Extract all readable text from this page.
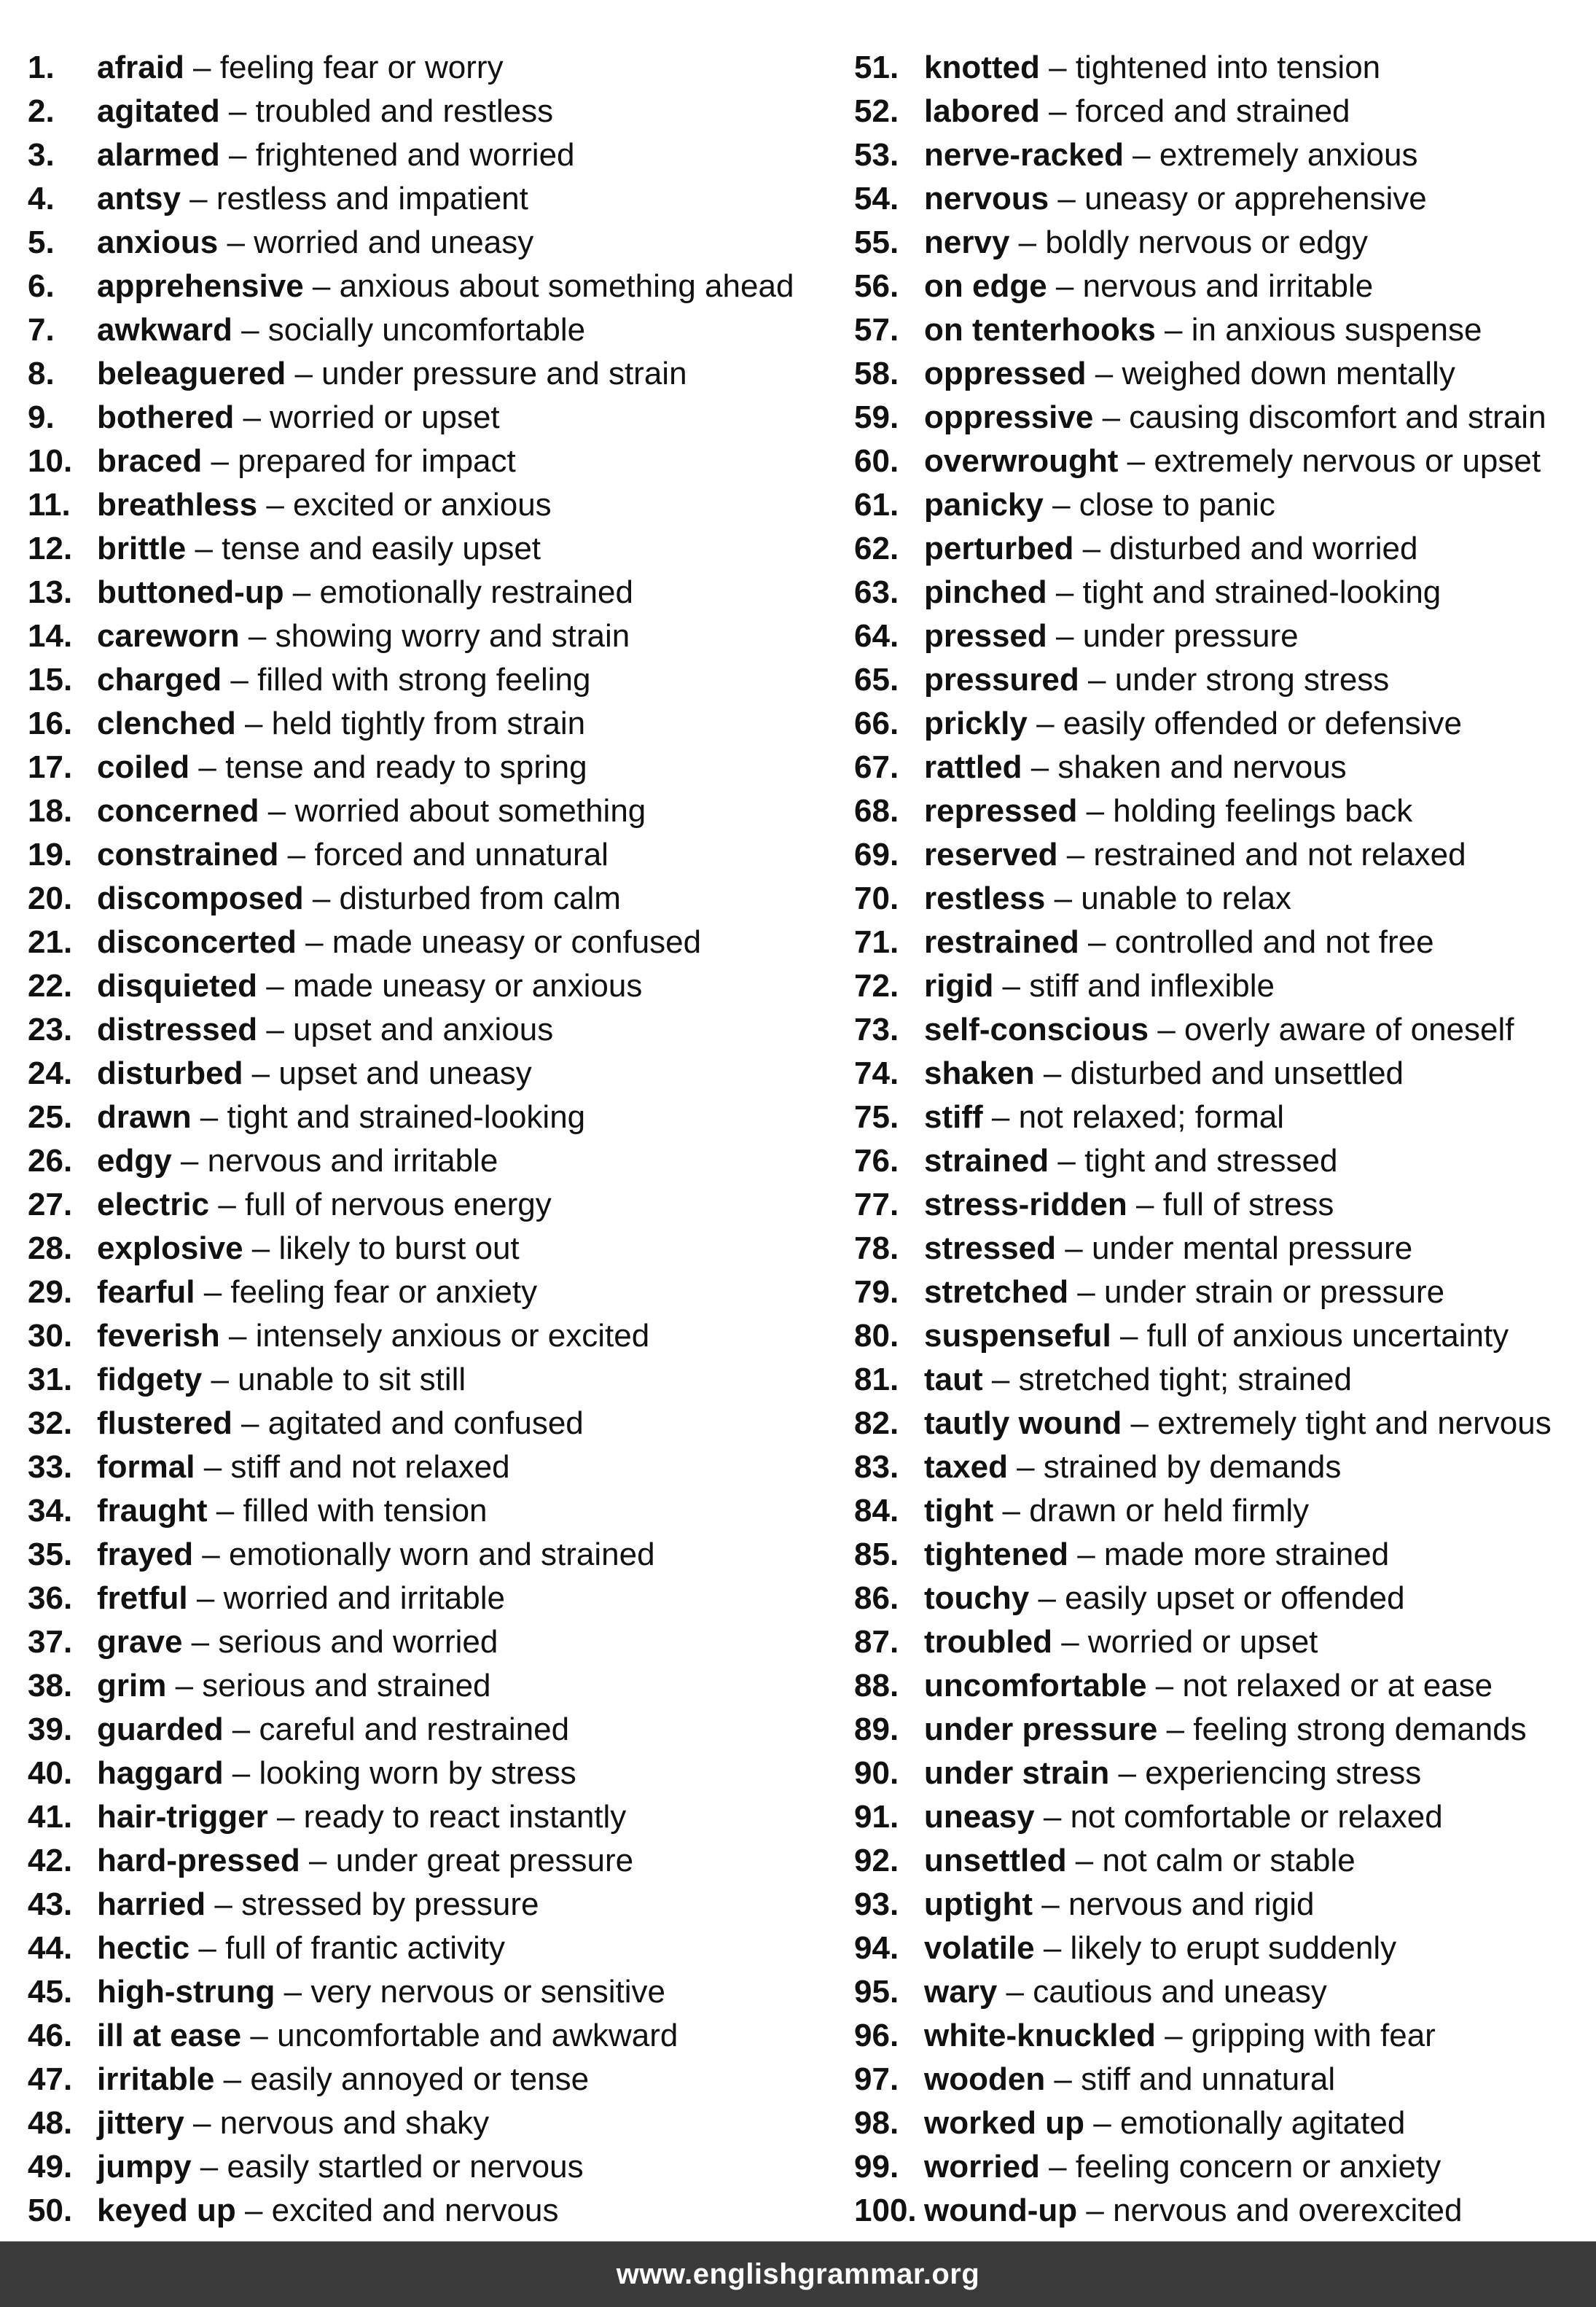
1.	afraid – feeling fear or worry
2.	agitated – troubled and restless
3.	alarmed – frightened and worried
4.	antsy – restless and impatient
5.	anxious – worried and uneasy
6.	apprehensive – anxious about something ahead
7.	awkward – socially uncomfortable
8.	beleaguered – under pressure and strain
9.	bothered – worried or upset
10. braced – prepared for impact
11. breathless – excited or anxious
12. brittle – tense and easily upset
13. buttoned-up – emotionally restrained
14. careworn – showing worry and strain
15. charged – filled with strong feeling
16. clenched – held tightly from strain
17. coiled – tense and ready to spring
18. concerned – worried about something
19. constrained – forced and unnatural
20. discomposed – disturbed from calm
21. disconcerted – made uneasy or confused
22. disquieted – made uneasy or anxious
23. distressed – upset and anxious
24. disturbed – upset and uneasy
25. drawn – tight and strained-looking
26. edgy – nervous and irritable
27. electric – full of nervous energy
28. explosive – likely to burst out
29. fearful – feeling fear or anxiety
30. feverish – intensely anxious or excited
31. fidgety – unable to sit still
32. flustered – agitated and confused
33. formal – stiff and not relaxed
34. fraught – filled with tension
35. frayed – emotionally worn and strained
36. fretful – worried and irritable
37. grave – serious and worried
38. grim – serious and strained
39. guarded – careful and restrained
40. haggard – looking worn by stress
41. hair-trigger – ready to react instantly
42. hard-pressed – under great pressure
43. harried – stressed by pressure
44. hectic – full of frantic activity
45. high-strung – very nervous or sensitive
46. ill at ease – uncomfortable and awkward
47. irritable – easily annoyed or tense
48. jittery – nervous and shaky
49. jumpy – easily startled or nervous
50. keyed up – excited and nervous
51. knotted – tightened into tension
52. labored – forced and strained
53. nerve-racked – extremely anxious
54. nervous – uneasy or apprehensive
55. nervy – boldly nervous or edgy
56. on edge – nervous and irritable
57. on tenterhooks – in anxious suspense
58. oppressed – weighed down mentally
59. oppressive – causing discomfort and strain
60. overwrought – extremely nervous or upset
61. panicky – close to panic
62. perturbed – disturbed and worried
63. pinched – tight and strained-looking
64. pressed – under pressure
65. pressured – under strong stress
66. prickly – easily offended or defensive
67. rattled – shaken and nervous
68. repressed – holding feelings back
69. reserved – restrained and not relaxed
70. restless – unable to relax
71. restrained – controlled and not free
72. rigid – stiff and inflexible
73. self-conscious – overly aware of oneself
74. shaken – disturbed and unsettled
75. stiff – not relaxed; formal
76. strained – tight and stressed
77. stress-ridden – full of stress
78. stressed – under mental pressure
79. stretched – under strain or pressure
80. suspenseful – full of anxious uncertainty
81. taut – stretched tight; strained
82. tautly wound – extremely tight and nervous
83. taxed – strained by demands
84. tight – drawn or held firmly
85. tightened – made more strained
86. touchy – easily upset or offended
87. troubled – worried or upset
88. uncomfortable – not relaxed or at ease
89. under pressure – feeling strong demands
90. under strain – experiencing stress
91. uneasy – not comfortable or relaxed
92. unsettled – not calm or stable
93. uptight – nervous and rigid
94. volatile – likely to erupt suddenly
95. wary – cautious and uneasy
96. white-knuckled – gripping with fear
97. wooden – stiff and unnatural
98. worked up – emotionally agitated
99. worried – feeling concern or anxiety
100. wound-up – nervous and overexcited
www.englishgrammar.org
